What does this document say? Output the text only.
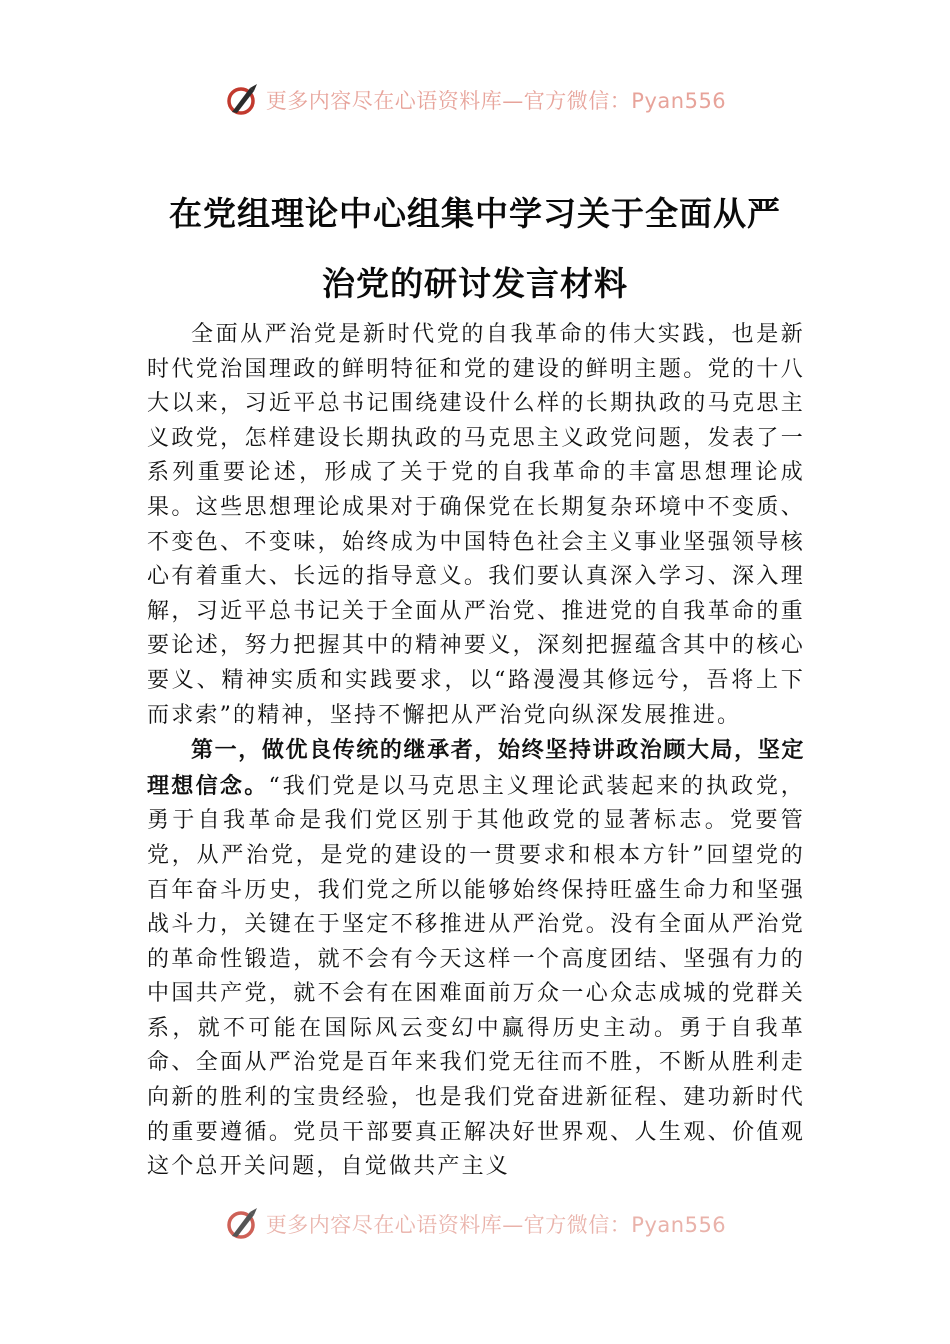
更多内容尽在心语资料库—官方微信：Pyan556
在党组理论中心组集中学习关于全面从严
治党的研讨发言材料

全面从严治党是新时代党的自我革命的伟大实践，也是新时代党治国理政的鲜明特征和党的建设的鲜明主题。党的十八大以来，习近平总书记围绕建设什么样的长期执政的马克思主义政党，怎样建设长期执政的马克思主义政党问题，发表了一系列重要论述，形成了关于党的自我革命的丰富思想理论成果。这些思想理论成果对于确保党在长期复杂环境中不变质、不变色、不变味，始终成为中国特色社会主义事业坚强领导核心有着重大、长远的指导意义。我们要认真深入学习、深入理解，习近平总书记关于全面从严治党、推进党的自我革命的重要论述，努力把握其中的精神要义，深刻把握蕴含其中的核心要义、精神实质和实践要求，以“路漫漫其修远兮，吾将上下而求索”的精神，坚持不懈把从严治党向纵深发展推进。

第一，做优良传统的继承者，始终坚持讲政治顾大局，坚定理想信念。“我们党是以马克思主义理论武装起来的执政党，勇于自我革命是我们党区别于其他政党的显著标志。党要管党，从严治党，是党的建设的一贯要求和根本方针”回望党的百年奋斗历史，我们党之所以能够始终保持旺盛生命力和坚强战斗力，关键在于坚定不移推进从严治党。没有全面从严治党的革命性锻造，就不会有今天这样一个高度团结、坚强有力的中国共产党，就不会有在困难面前万众一心众志成城的党群关系，就不可能在国际风云变幻中赢得历史主动。勇于自我革命、全面从严治党是百年来我们党无往而不胜，不断从胜利走向新的胜利的宝贵经验，也是我们党奋进新征程、建功新时代的重要遵循。党员干部要真正解决好世界观、人生观、价值观这个总开关问题，自觉做共产主义

更多内容尽在心语资料库—官方微信：Pyan556
